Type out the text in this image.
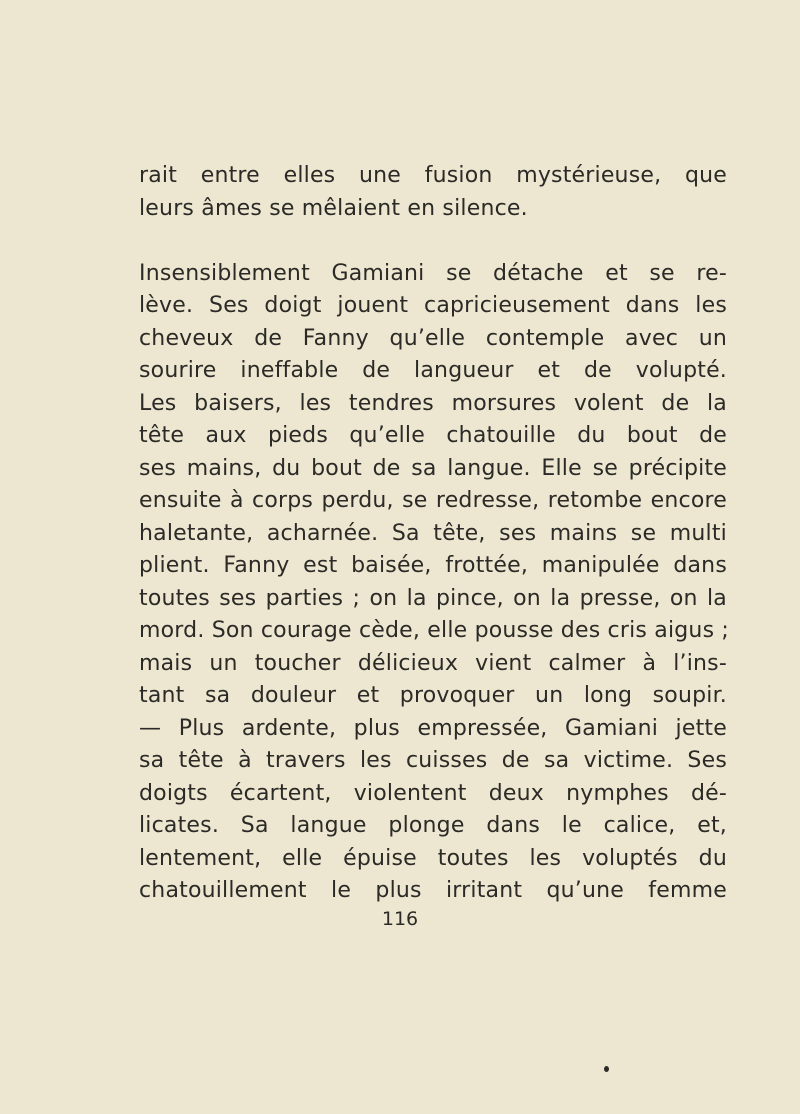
rait entre elles une fusion mystérieuse, que
leurs âmes se mêlaient en silence.
Insensiblement Gamiani se détache et se re-
lève. Ses doigt jouent capricieusement dans les
cheveux de Fanny qu’elle contemple avec un
sourire ineffable de langueur et de volupté.
Les baisers, les tendres morsures volent de la
tête aux pieds qu’elle chatouille du bout de
ses mains, du bout de sa langue. Elle se précipite
ensuite à corps perdu, se redresse, retombe encore
haletante, acharnée. Sa tête, ses mains se multi
plient. Fanny est baisée, frottée, manipulée dans
toutes ses parties ; on la pince, on la presse, on la
mord. Son courage cède, elle pousse des cris aigus ;
mais un toucher délicieux vient calmer à l’ins-
tant sa douleur et provoquer un long soupir.
— Plus ardente, plus empressée, Gamiani jette
sa tête à travers les cuisses de sa victime. Ses
doigts écartent, violentent deux nymphes dé-
licates. Sa langue plonge dans le calice, et,
lentement, elle épuise toutes les voluptés du
chatouillement le plus irritant qu’une femme
116
